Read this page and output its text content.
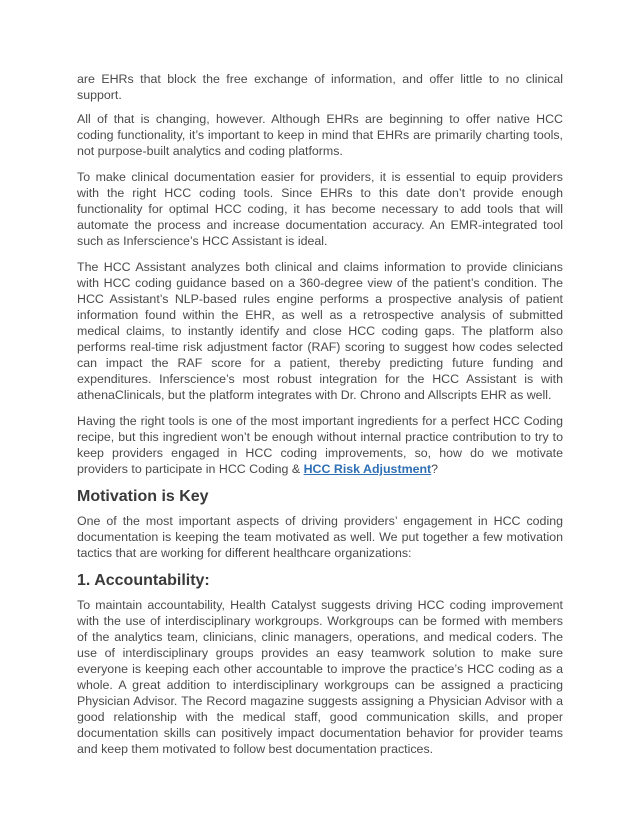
are EHRs that block the free exchange of information, and offer little to no clinical support.

All of that is changing, however. Although EHRs are beginning to offer native HCC coding functionality, it’s important to keep in mind that EHRs are primarily charting tools, not purpose-built analytics and coding platforms.

To make clinical documentation easier for providers, it is essential to equip providers with the right HCC coding tools. Since EHRs to this date don’t provide enough functionality for optimal HCC coding, it has become necessary to add tools that will automate the process and increase documentation accuracy. An EMR-integrated tool such as Inferscience’s HCC Assistant is ideal.

The HCC Assistant analyzes both clinical and claims information to provide clinicians with HCC coding guidance based on a 360-degree view of the patient’s condition. The HCC Assistant’s NLP-based rules engine performs a prospective analysis of patient information found within the EHR, as well as a retrospective analysis of submitted medical claims, to instantly identify and close HCC coding gaps. The platform also performs real-time risk adjustment factor (RAF) scoring to suggest how codes selected can impact the RAF score for a patient, thereby predicting future funding and expenditures. Inferscience’s most robust integration for the HCC Assistant is with athenaClinicals, but the platform integrates with Dr. Chrono and Allscripts EHR as well.

Having the right tools is one of the most important ingredients for a perfect HCC Coding recipe, but this ingredient won’t be enough without internal practice contribution to try to keep providers engaged in HCC coding improvements, so, how do we motivate providers to participate in HCC Coding & HCC Risk Adjustment?

Motivation is Key

One of the most important aspects of driving providers’ engagement in HCC coding documentation is keeping the team motivated as well. We put together a few motivation tactics that are working for different healthcare organizations:

1. Accountability:

To maintain accountability, Health Catalyst suggests driving HCC coding improvement with the use of interdisciplinary workgroups. Workgroups can be formed with members of the analytics team, clinicians, clinic managers, operations, and medical coders. The use of interdisciplinary groups provides an easy teamwork solution to make sure everyone is keeping each other accountable to improve the practice’s HCC coding as a whole. A great addition to interdisciplinary workgroups can be assigned a practicing Physician Advisor. The Record magazine suggests assigning a Physician Advisor with a good relationship with the medical staff, good communication skills, and proper documentation skills can positively impact documentation behavior for provider teams and keep them motivated to follow best documentation practices.
